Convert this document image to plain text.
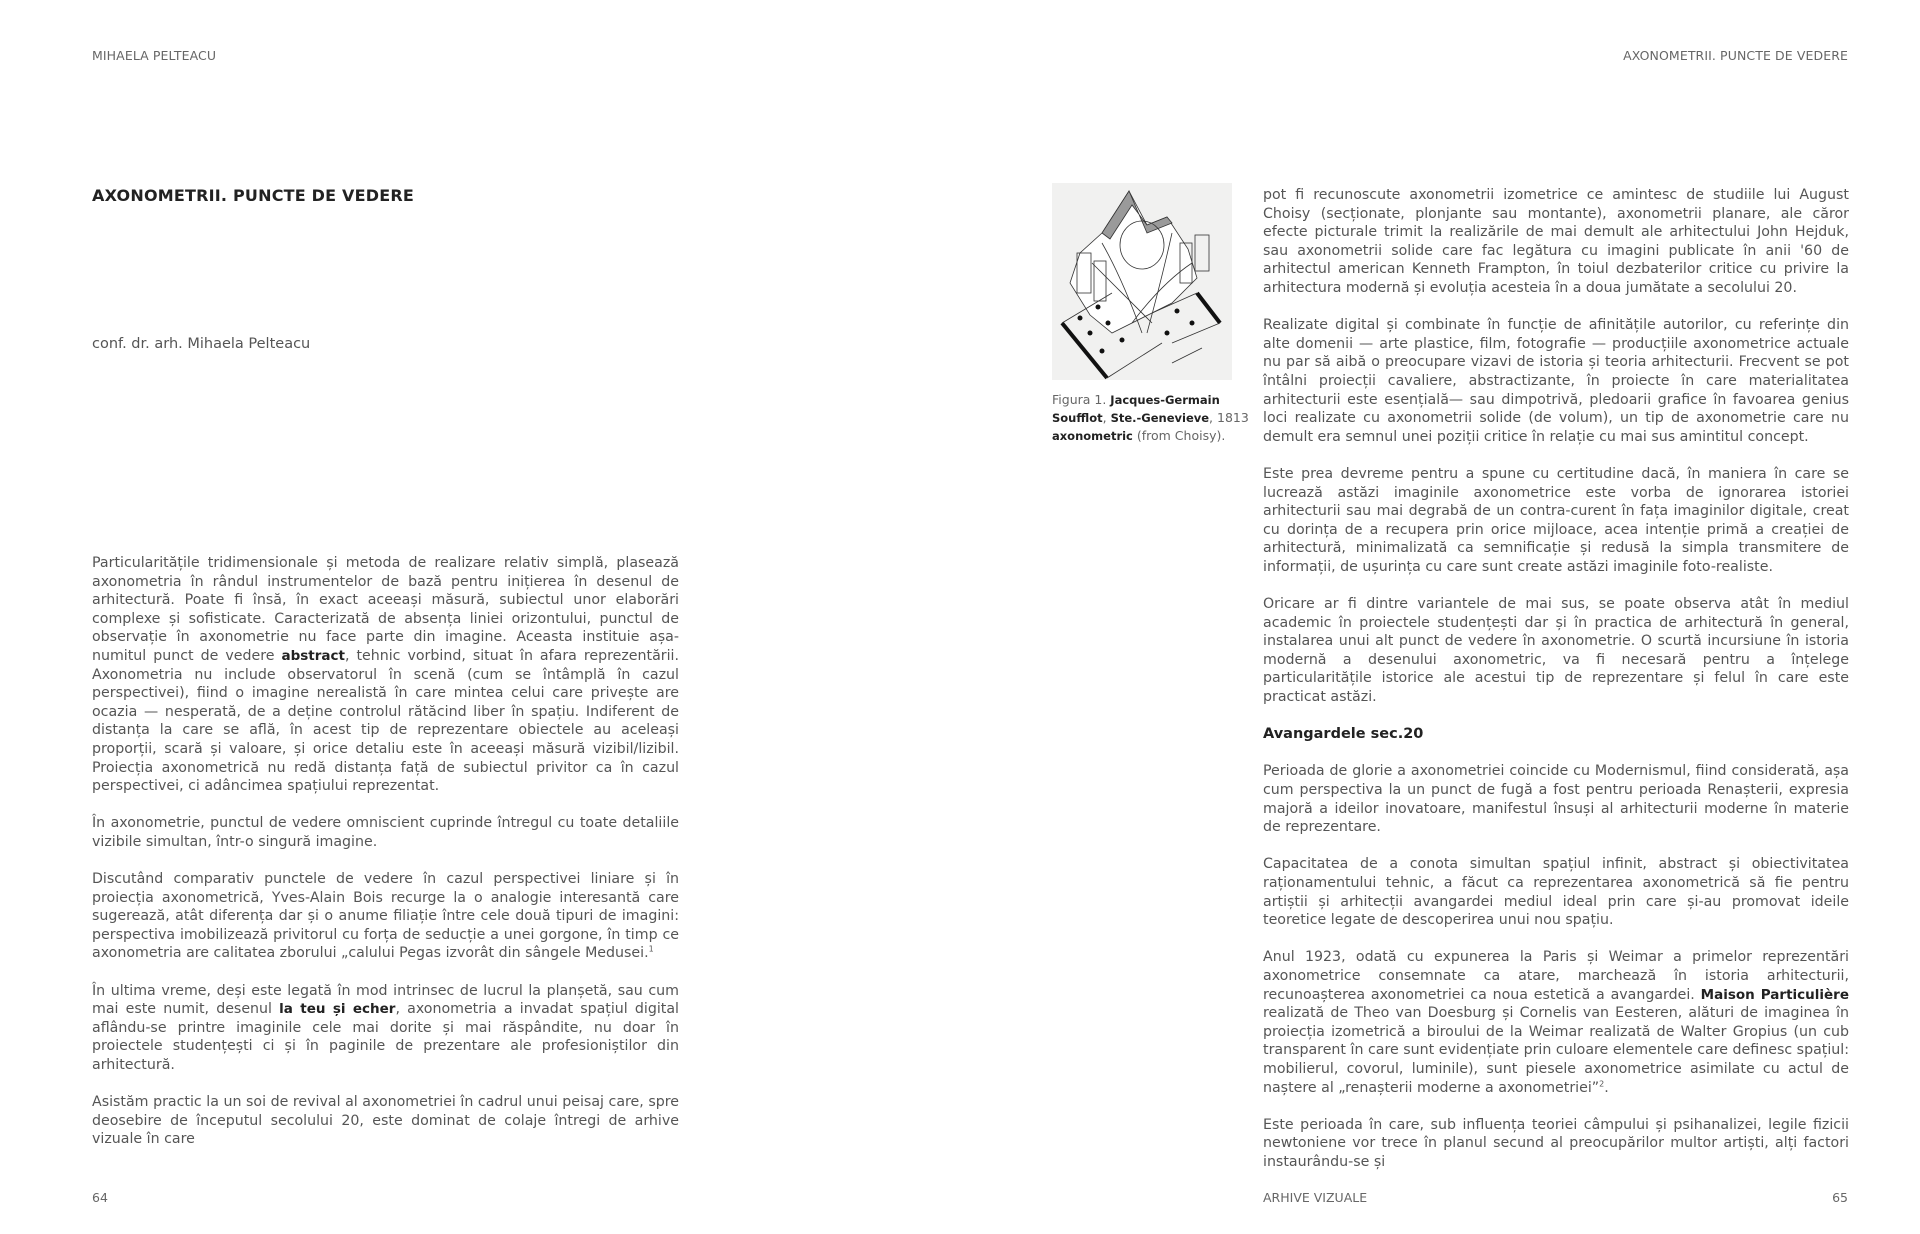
MIHAELA PELTEACU	AXONOMETRII. PUNCTE DE VEDERE
AXONOMETRII. PUNCTE DE VEDERE
conf. dr. arh. Mihaela Pelteacu

Particularitățile tridimensionale și metoda de realizare relativ simplă, plasează axonometria în rândul instrumentelor de bază pentru inițierea în desenul de arhitectură. Poate fi însă, în exact aceeași măsură, subiectul unor elaborări complexe și sofisticate. Caracterizată de absența liniei orizontului, punctul de observație în axonometrie nu face parte din imagine. Aceasta instituie așa-numitul punct de vedere abstract, tehnic vorbind, situat în afara reprezentării. Axonometria nu include observatorul în scenă (cum se întâmplă în cazul perspectivei), fiind o imagine nerealistă în care mintea celui care privește are ocazia — nesperată, de a deține controlul rătăcind liber în spațiu. Indiferent de distanța la care se află, în acest tip de reprezentare obiectele au aceleași proporții, scară și valoare, și orice detaliu este în aceeași măsură vizibil/lizibil. Proiecția axonometrică nu redă distanța față de subiectul privitor ca în cazul perspectivei, ci adâncimea spațiului reprezentat.

În axonometrie, punctul de vedere omniscient cuprinde întregul cu toate detaliile vizibile simultan, într-o singură imagine.

Discutând comparativ punctele de vedere în cazul perspectivei liniare și în proiecția axonometrică, Yves-Alain Bois recurge la o analogie interesantă care sugerează, atât diferența dar și o anume filiație între cele două tipuri de imagini: perspectiva imobilizează privitorul cu forța de seducție a unei gorgone, în timp ce axonometria are calitatea zborului „calului Pegas izvorât din sângele Medusei.$^1$

În ultima vreme, deși este legată în mod intrinsec de lucrul la planșetă, sau cum mai este numit, desenul la teu și echer, axonometria a invadat spațiul digital aflându-se printre imaginile cele mai dorite și mai răspândite, nu doar în proiectele studențești ci și în paginile de prezentare ale profesioniștilor din arhitectură.

Asistăm practic la un soi de revival al axonometriei în cadrul unui peisaj care, spre deosebire de începutul secolului 20, este dominat de colaje întregi de arhive vizuale în care

Figura 1. Jacques-Germain Soufflot, Ste.-Genevieve, 1813
axonometric (from Choisy).

pot fi recunoscute axonometrii izometrice ce amintesc de studiile lui August Choisy (secționate, plonjante sau montante), axonometrii planare, ale căror efecte picturale trimit la realizările de mai demult ale arhitectului John Hejduk, sau axonometrii solide care fac legătura cu imagini publicate în anii '60 de arhitectul american Kenneth Frampton, în toiul dezbaterilor critice cu privire la arhitectura modernă și evoluția acesteia în a doua jumătate a secolului 20.

Realizate digital și combinate în funcție de afinitățile autorilor, cu referințe din alte domenii — arte plastice, film, fotografie — producțiile axonometrice actuale nu par să aibă o preocupare vizavi de istoria și teoria arhitecturii. Frecvent se pot întâlni proiecții cavaliere, abstractizante, în proiecte în care materialitatea arhitecturii este esențială— sau dimpotrivă, pledoarii grafice în favoarea genius loci realizate cu axonometrii solide (de volum), un tip de axonometrie care nu demult era semnul unei poziții critice în relație cu mai sus amintitul concept.

Este prea devreme pentru a spune cu certitudine dacă, în maniera în care se lucrează astăzi imaginile axonometrice este vorba de ignorarea istoriei arhitecturii sau mai degrabă de un contra-curent în fața imaginilor digitale, creat cu dorința de a recupera prin orice mijloace, acea intenție primă a creației de arhitectură, minimalizată ca semnificație și redusă la simpla transmitere de informații, de ușurința cu care sunt create astăzi imaginile foto-realiste.

Oricare ar fi dintre variantele de mai sus, se poate observa atât în mediul academic în proiectele studențești dar și în practica de arhitectură în general, instalarea unui alt punct de vedere în axonometrie. O scurtă incursiune în istoria modernă a desenului axonometric, va fi necesară pentru a înțelege particularitățile istorice ale acestui tip de reprezentare și felul în care este practicat astăzi.

Avangardele sec.20

Perioada de glorie a axonometriei coincide cu Modernismul, fiind considerată, așa cum perspectiva la un punct de fugă a fost pentru perioada Renașterii, expresia majoră a ideilor inovatoare, manifestul însuși al arhitecturii moderne în materie de reprezentare.

Capacitatea de a conota simultan spațiul infinit, abstract și obiectivitatea raționamentului tehnic, a făcut ca reprezentarea axonometrică să fie pentru artiștii și arhitecții avangardei mediul ideal prin care și-au promovat ideile teoretice legate de descoperirea unui nou spațiu.

Anul 1923, odată cu expunerea la Paris și Weimar a primelor reprezentări axonometrice consemnate ca atare, marchează în istoria arhitecturii, recunoașterea axonometriei ca noua estetică a avangardei. Maison Particulière realizată de Theo van Doesburg și Cornelis van Eesteren, alături de imaginea în proiecția izometrică a biroului de la Weimar realizată de Walter Gropius (un cub transparent în care sunt evidențiate prin culoare elementele care definesc spațiul: mobilierul, covorul, luminile), sunt piesele axonometrice asimilate cu actul de naștere al „renașterii moderne a axonometriei”$^2$.

Este perioada în care, sub influența teoriei câmpului și psihanalizei, legile fizicii newtoniene vor trece în planul secund al preocupărilor multor artiști, alți factori instaurându-se și

64	ARHIVE VIZUALE	65
